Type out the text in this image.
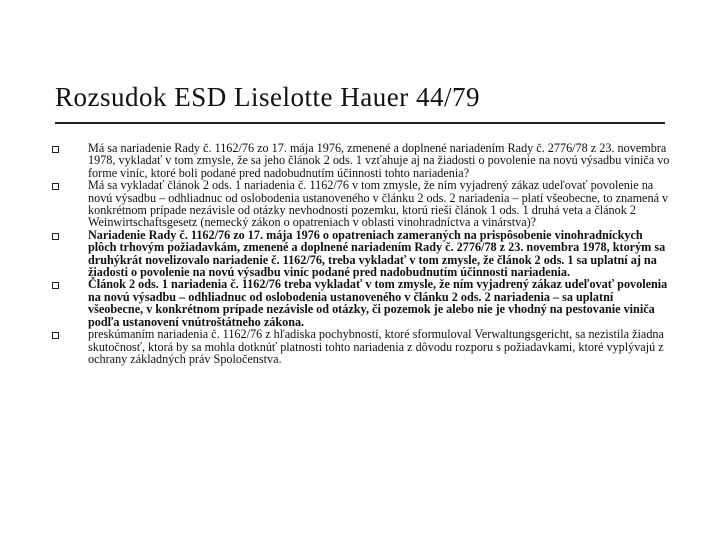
Rozsudok ESD Liselotte Hauer 44/79
Má sa nariadenie Rady č. 1162/76 zo 17. mája 1976, zmenené a doplnené nariadením Rady č. 2776/78 z 23. novembra 1978, vykladať v tom zmysle, že sa jeho článok 2 ods. 1 vzťahuje aj na žiadosti o povolenie na novú výsadbu viniča vo forme viníc, ktoré boli podané pred nadobudnutím účinnosti tohto nariadenia?
Má sa vykladať článok 2 ods. 1 nariadenia č. 1162/76 v tom zmysle, že ním vyjadrený zákaz udeľovať povolenie na novú výsadbu – odhliadnuc od oslobodenia ustanoveného v článku 2 ods. 2 nariadenia – platí všeobecne, to znamená v konkrétnom prípade nezávisle od otázky nevhodnosti pozemku, ktorú rieši článok 1 ods. 1 druhá veta a článok 2 Weinwirtschaftsgesetz (nemecký zákon o opatreniach v oblasti vinohradníctva a vinárstva)?
Nariadenie Rady č. 1162/76 zo 17. mája 1976 o opatreniach zameraných na prispôsobenie vinohradníckych plôch trhovým požiadavkám, zmenené a doplnené nariadením Rady č. 2776/78 z 23. novembra 1978, ktorým sa druhýkrát novelizovalo nariadenie č. 1162/76, treba vykladať v tom zmysle, že článok 2 ods. 1 sa uplatní aj na žiadosti o povolenie na novú výsadbu viníc podané pred nadobudnutím účinnosti nariadenia.
Článok 2 ods. 1 nariadenia č. 1162/76 treba vykladať v tom zmysle, že ním vyjadrený zákaz udeľovať povolenia na novú výsadbu – odhliadnuc od oslobodenia ustanoveného v článku 2 ods. 2 nariadenia – sa uplatní všeobecne, v konkrétnom prípade nezávisle od otázky, či pozemok je alebo nie je vhodný na pestovanie viniča podľa ustanovení vnútroštátneho zákona.
preskúmaním nariadenia č. 1162/76 z hľadiska pochybností, ktoré sformuloval Verwaltungsgericht, sa nezistila žiadna skutočnosť, ktorá by sa mohla dotknúť platnosti tohto nariadenia z dôvodu rozporu s požiadavkami, ktoré vyplývajú z ochrany základných práv Spoločenstva.
